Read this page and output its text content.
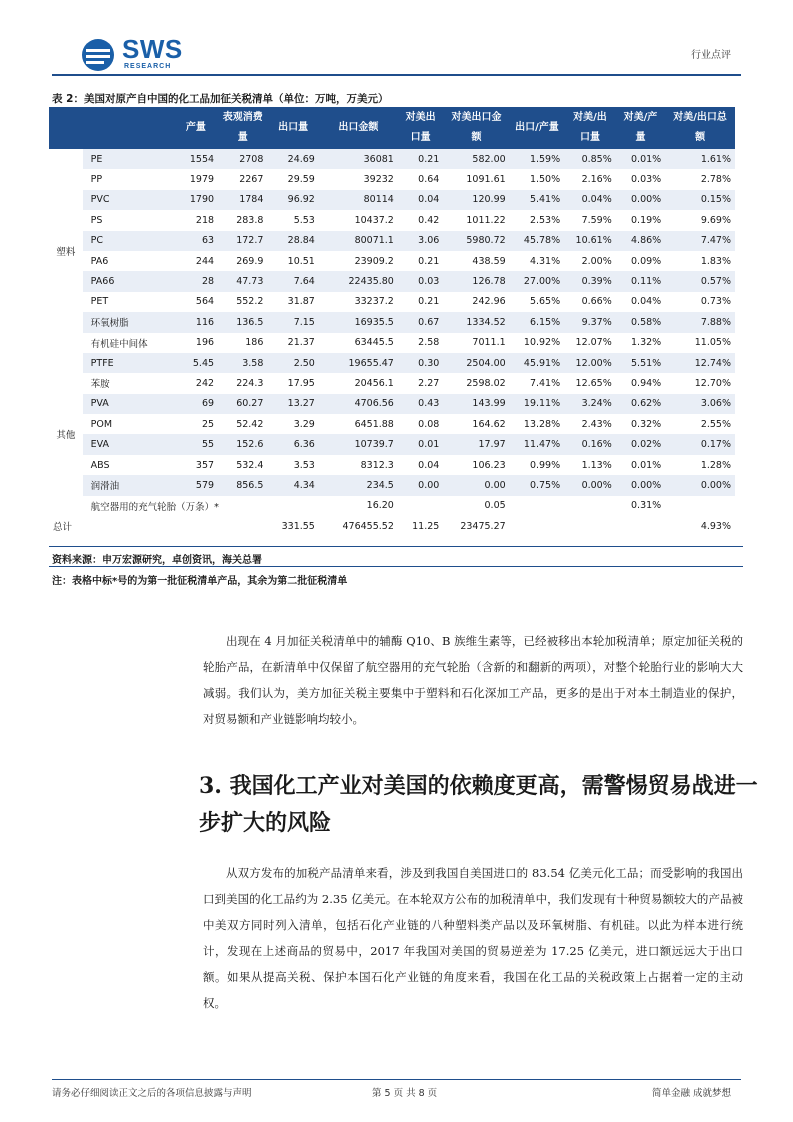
SWS
RESEARCH
行业点评
表 2：美国对原产自中国的化工品加征关税清单（单位：万吨，万美元）
		产量	表观消费量	出口量	出口金额	对美出口量	对美出口金额	出口/产量	对美/出口量	对美/产量	对美/出口总额	
塑料	PE	1554	2708	24.69	36081	0.21	582.00	1.59%	0.85%	0.01%	1.61%	
	PP	1979	2267	29.59	39232	0.64	1091.61	1.50%	2.16%	0.03%	2.78%	
	PVC	1790	1784	96.92	80114	0.04	120.99	5.41%	0.04%	0.00%	0.15%	
	PS	218	283.8	5.53	10437.2	0.42	1011.22	2.53%	7.59%	0.19%	9.69%	
	PC	63	172.7	28.84	80071.1	3.06	5980.72	45.78%	10.61%	4.86%	7.47%	
	PA6	244	269.9	10.51	23909.2	0.21	438.59	4.31%	2.00%	0.09%	1.83%	
	PA66	28	47.73	7.64	22435.80	0.03	126.78	27.00%	0.39%	0.11%	0.57%	
	PET	564	552.2	31.87	33237.2	0.21	242.96	5.65%	0.66%	0.04%	0.73%	
	环氧树脂	116	136.5	7.15	16935.5	0.67	1334.52	6.15%	9.37%	0.58%	7.88%	
	有机硅中间体	196	186	21.37	63445.5	2.58	7011.1	10.92%	12.07%	1.32%	11.05%	
其他	PTFE	5.45	3.58	2.50	19655.47	0.30	2504.00	45.91%	12.00%	5.51%	12.74%	
	苯胺	242	224.3	17.95	20456.1	2.27	2598.02	7.41%	12.65%	0.94%	12.70%	
	PVA	69	60.27	13.27	4706.56	0.43	143.99	19.11%	3.24%	0.62%	3.06%	
	POM	25	52.42	3.29	6451.88	0.08	164.62	13.28%	2.43%	0.32%	2.55%	
	EVA	55	152.6	6.36	10739.7	0.01	17.97	11.47%	0.16%	0.02%	0.17%	
	ABS	357	532.4	3.53	8312.3	0.04	106.23	0.99%	1.13%	0.01%	1.28%	
	润滑油	579	856.5	4.34	234.5	0.00	0.00	0.75%	0.00%	0.00%	0.00%	
	航空器用的充气轮胎（万条）*				16.20		0.05			0.31%		
总计				331.55	476455.52	11.25	23475.27				4.93%	
资料来源：申万宏源研究，卓创资讯，海关总署
注：表格中标*号的为第一批征税清单产品，其余为第二批征税清单
出现在 4 月加征关税清单中的辅酶 Q10、B 族维生素等，已经被移出本轮加税清单；原定加征关税的轮胎产品，在新清单中仅保留了航空器用的充气轮胎（含新的和翻新的两项），对整个轮胎行业的影响大大减弱。我们认为，美方加征关税主要集中于塑料和石化深加工产品，更多的是出于对本土制造业的保护，对贸易额和产业链影响均较小。
3. 我国化工产业对美国的依赖度更高，需警惕贸易战进一步扩大的风险
从双方发布的加税产品清单来看，涉及到我国自美国进口的 83.54 亿美元化工品；而受影响的我国出口到美国的化工品约为 2.35 亿美元。在本轮双方公布的加税清单中，我们发现有十种贸易额较大的产品被中美双方同时列入清单，包括石化产业链的八种塑料类产品以及环氧树脂、有机硅。以此为样本进行统计，发现在上述商品的贸易中，2017 年我国对美国的贸易逆差为 17.25 亿美元，进口额远远大于出口额。如果从提高关税、保护本国石化产业链的角度来看，我国在化工品的关税政策上占据着一定的主动权。
请务必仔细阅读正文之后的各项信息披露与声明	第 5 页 共 8 页	简单金融 成就梦想
